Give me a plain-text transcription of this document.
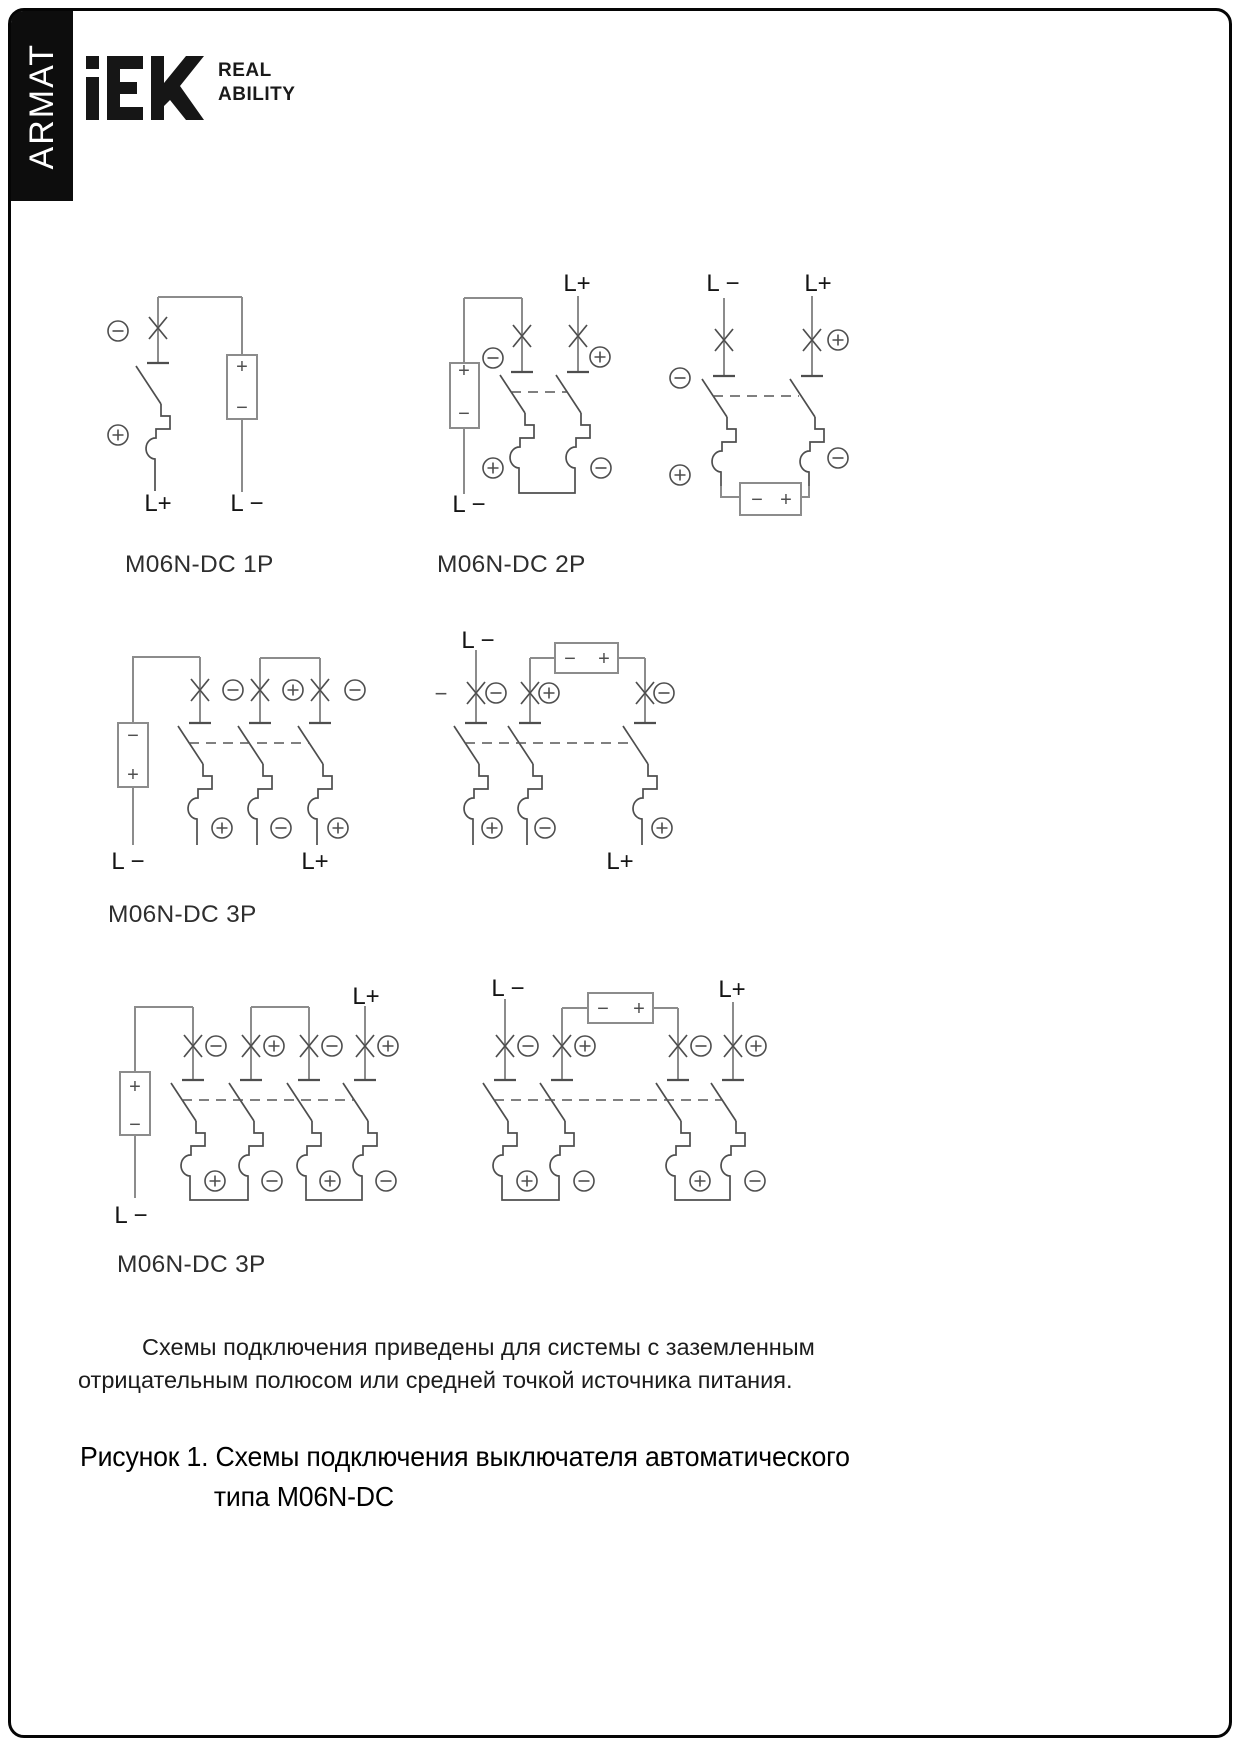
ARMAT	REAL
ABILITY
+
−
L+ L −
+
−
L+
L −	− +
L −	L+
−
+
L −	L+
−
− +
L −
L+
+
−
L+
L −
− +
L −	L+
M06N-DC 1P	M06N-DC 2P
M06N-DC 3P
M06N-DC 3P
Схемы подключения приведены для системы с заземленным
отрицательным полюсом или средней точкой источника питания.
Рисунок 1. Схемы подключения выключателя автоматического
типа M06N-DC
